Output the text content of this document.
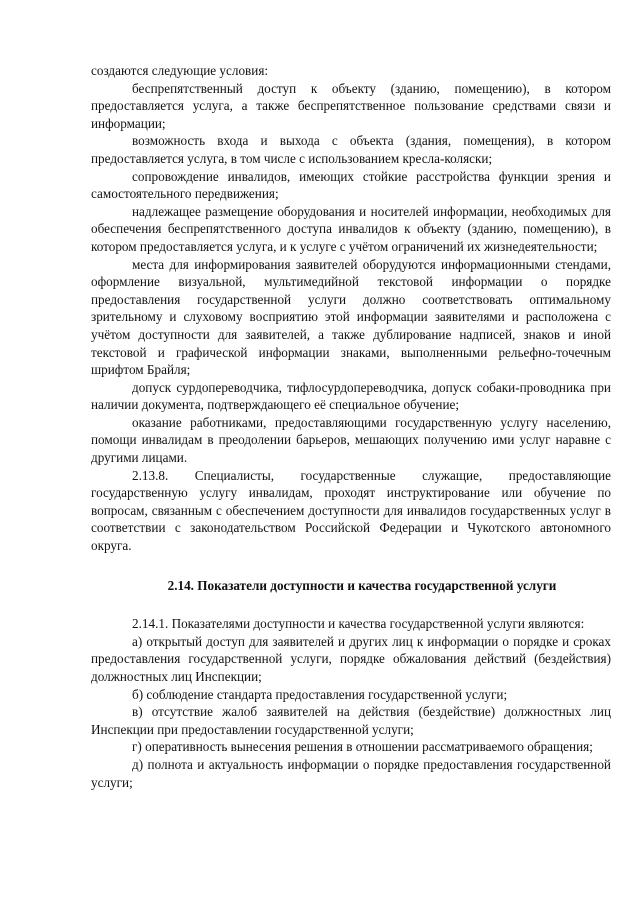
создаются следующие условия:

беспрепятственный доступ к объекту (зданию, помещению), в котором предоставляется услуга, а также беспрепятственное пользование средствами связи и информации;

возможность входа и выхода с объекта (здания, помещения), в котором предоставляется услуга, в том числе с использованием кресла-коляски;

сопровождение инвалидов, имеющих стойкие расстройства функции зрения и самостоятельного передвижения;

надлежащее размещение оборудования и носителей информации, необходимых для обеспечения беспрепятственного доступа инвалидов к объекту (зданию, помещению), в котором предоставляется услуга, и к услуге с учётом ограничений их жизнедеятельности;

места для информирования заявителей оборудуются информационными стендами, оформление визуальной, мультимедийной текстовой информации о порядке предоставления государственной услуги должно соответствовать оптимальному зрительному и слуховому восприятию этой информации заявителями и расположена с учётом доступности для заявителей, а также дублирование надписей, знаков и иной текстовой и графической информации знаками, выполненными рельефно-точечным шрифтом Брайля;

допуск сурдопереводчика, тифлосурдопереводчика, допуск собаки-проводника при наличии документа, подтверждающего её специальное обучение;

оказание работниками, предоставляющими государственную услугу населению, помощи инвалидам в преодолении барьеров, мешающих получению ими услуг наравне с другими лицами.

2.13.8. Специалисты, государственные служащие, предоставляющие государственную услугу инвалидам, проходят инструктирование или обучение по вопросам, связанным с обеспечением доступности для инвалидов государственных услуг в соответствии с законодательством Российской Федерации и Чукотского автономного округа.

2.14. Показатели доступности и качества государственной услуги

2.14.1. Показателями доступности и качества государственной услуги являются:

а) открытый доступ для заявителей и других лиц к информации о порядке и сроках предоставления государственной услуги, порядке обжалования действий (бездействия) должностных лиц Инспекции;

б) соблюдение стандарта предоставления государственной услуги;

в) отсутствие жалоб заявителей на действия (бездействие) должностных лиц Инспекции при предоставлении государственной услуги;

г) оперативность вынесения решения в отношении рассматриваемого обращения;

д) полнота и актуальность информации о порядке предоставления государственной услуги;
